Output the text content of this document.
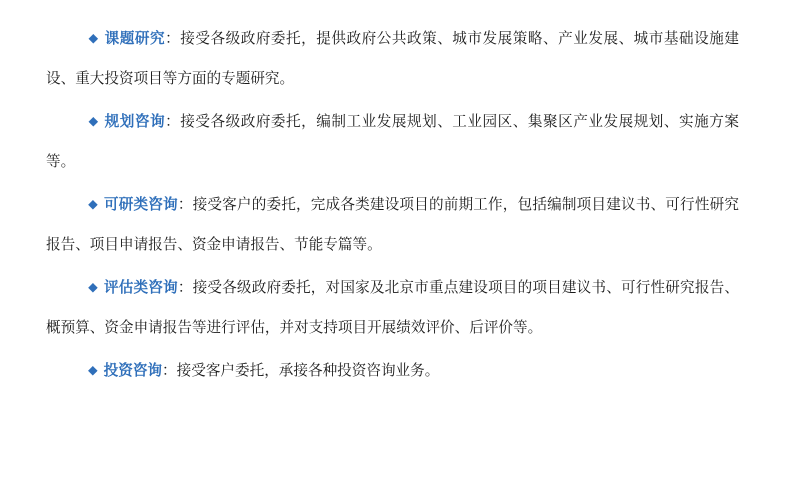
◆ 课题研究：接受各级政府委托，提供政府公共政策、城市发展策略、产业发展、城市基础设施建设、重大投资项目等方面的专题研究。

◆ 规划咨询：接受各级政府委托，编制工业发展规划、工业园区、集聚区产业发展规划、实施方案等。

◆ 可研类咨询：接受客户的委托，完成各类建设项目的前期工作，包括编制项目建议书、可行性研究报告、项目申请报告、资金申请报告、节能专篇等。

◆ 评估类咨询：接受各级政府委托，对国家及北京市重点建设项目的项目建议书、可行性研究报告、概预算、资金申请报告等进行评估，并对支持项目开展绩效评价、后评价等。

◆ 投资咨询：接受客户委托，承接各种投资咨询业务。
